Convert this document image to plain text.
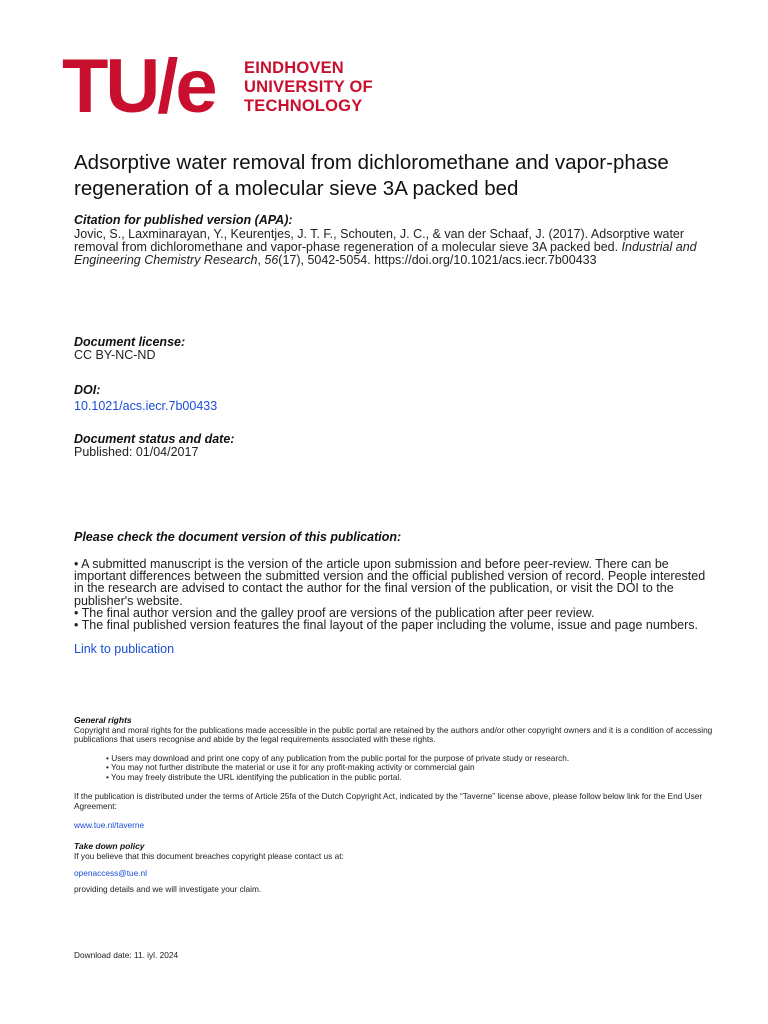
TU/e EINDHOVEN
UNIVERSITY OF
TECHNOLOGY
Adsorptive water removal from dichloromethane and vapor-phase regeneration of a molecular sieve 3A packed bed
Citation for published version (APA):
Jovic, S., Laxminarayan, Y., Keurentjes, J. T. F., Schouten, J. C., & van der Schaaf, J. (2017). Adsorptive water removal from dichloromethane and vapor-phase regeneration of a molecular sieve 3A packed bed. Industrial and Engineering Chemistry Research, 56(17), 5042-5054. https://doi.org/10.1021/acs.iecr.7b00433
Document license:
CC BY-NC-ND
DOI:
10.1021/acs.iecr.7b00433
Document status and date:
Published: 01/04/2017
Please check the document version of this publication:
• A submitted manuscript is the version of the article upon submission and before peer-review. There can be important differences between the submitted version and the official published version of record. People interested in the research are advised to contact the author for the final version of the publication, or visit the DOI to the publisher's website.
• The final author version and the galley proof are versions of the publication after peer review.
• The final published version features the final layout of the paper including the volume, issue and page numbers.
Link to publication
General rights
Copyright and moral rights for the publications made accessible in the public portal are retained by the authors and/or other copyright owners and it is a condition of accessing publications that users recognise and abide by the legal requirements associated with these rights.
• Users may download and print one copy of any publication from the public portal for the purpose of private study or research.
• You may not further distribute the material or use it for any profit-making activity or commercial gain
• You may freely distribute the URL identifying the publication in the public portal.
If the publication is distributed under the terms of Article 25fa of the Dutch Copyright Act, indicated by the “Taverne” license above, please follow below link for the End User Agreement:
www.tue.nl/taverne
Take down policy
If you believe that this document breaches copyright please contact us at:
openaccess@tue.nl
providing details and we will investigate your claim.
Download date: 11. iyl. 2024
